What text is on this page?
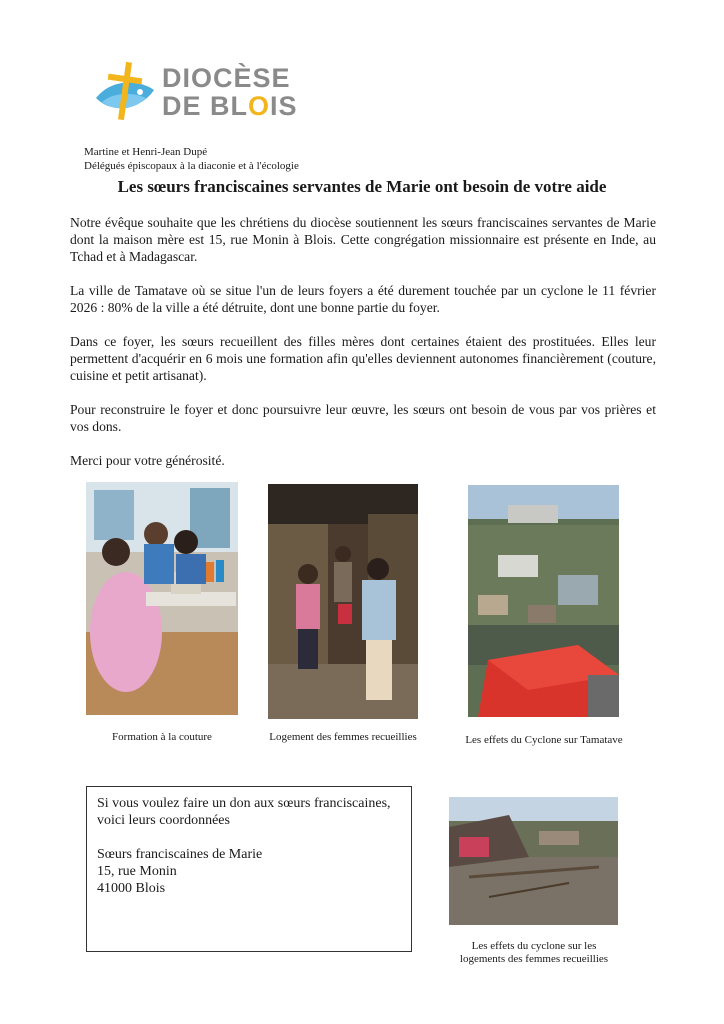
DIOCÈSE
DE BLOIS
Martine et Henri-Jean Dupé
Délégués épiscopaux à la diaconie et à l'écologie
Les sœurs franciscaines servantes de Marie ont besoin de votre aide

Notre évêque souhaite que les chrétiens du diocèse soutiennent les sœurs franciscaines servantes de Marie dont la maison mère est 15, rue Monin à Blois. Cette congrégation missionnaire est présente en Inde, au Tchad et à Madagascar.

La ville de Tamatave où se situe l'un de leurs foyers a été durement touchée par un cyclone le 11 février 2026 : 80% de la ville a été détruite, dont une bonne partie du foyer.

Dans ce foyer, les sœurs recueillent des filles mères dont certaines étaient des prostituées. Elles leur permettent d'acquérir en 6 mois une formation afin qu'elles deviennent autonomes financièrement (couture, cuisine et petit artisanat).

Pour reconstruire le foyer et donc poursuivre leur œuvre, les sœurs ont besoin de vous par vos prières et vos dons.

Merci pour votre générosité.

Formation à la couture	Logement des femmes recueillies	Les effets du Cyclone sur Tamatave
Si vous voulez faire un don aux sœurs franciscaines,
voici leurs coordonnées
Sœurs franciscaines de Marie
15, rue Monin
41000 Blois
Les effets du cyclone sur les
logements des femmes recueillies
